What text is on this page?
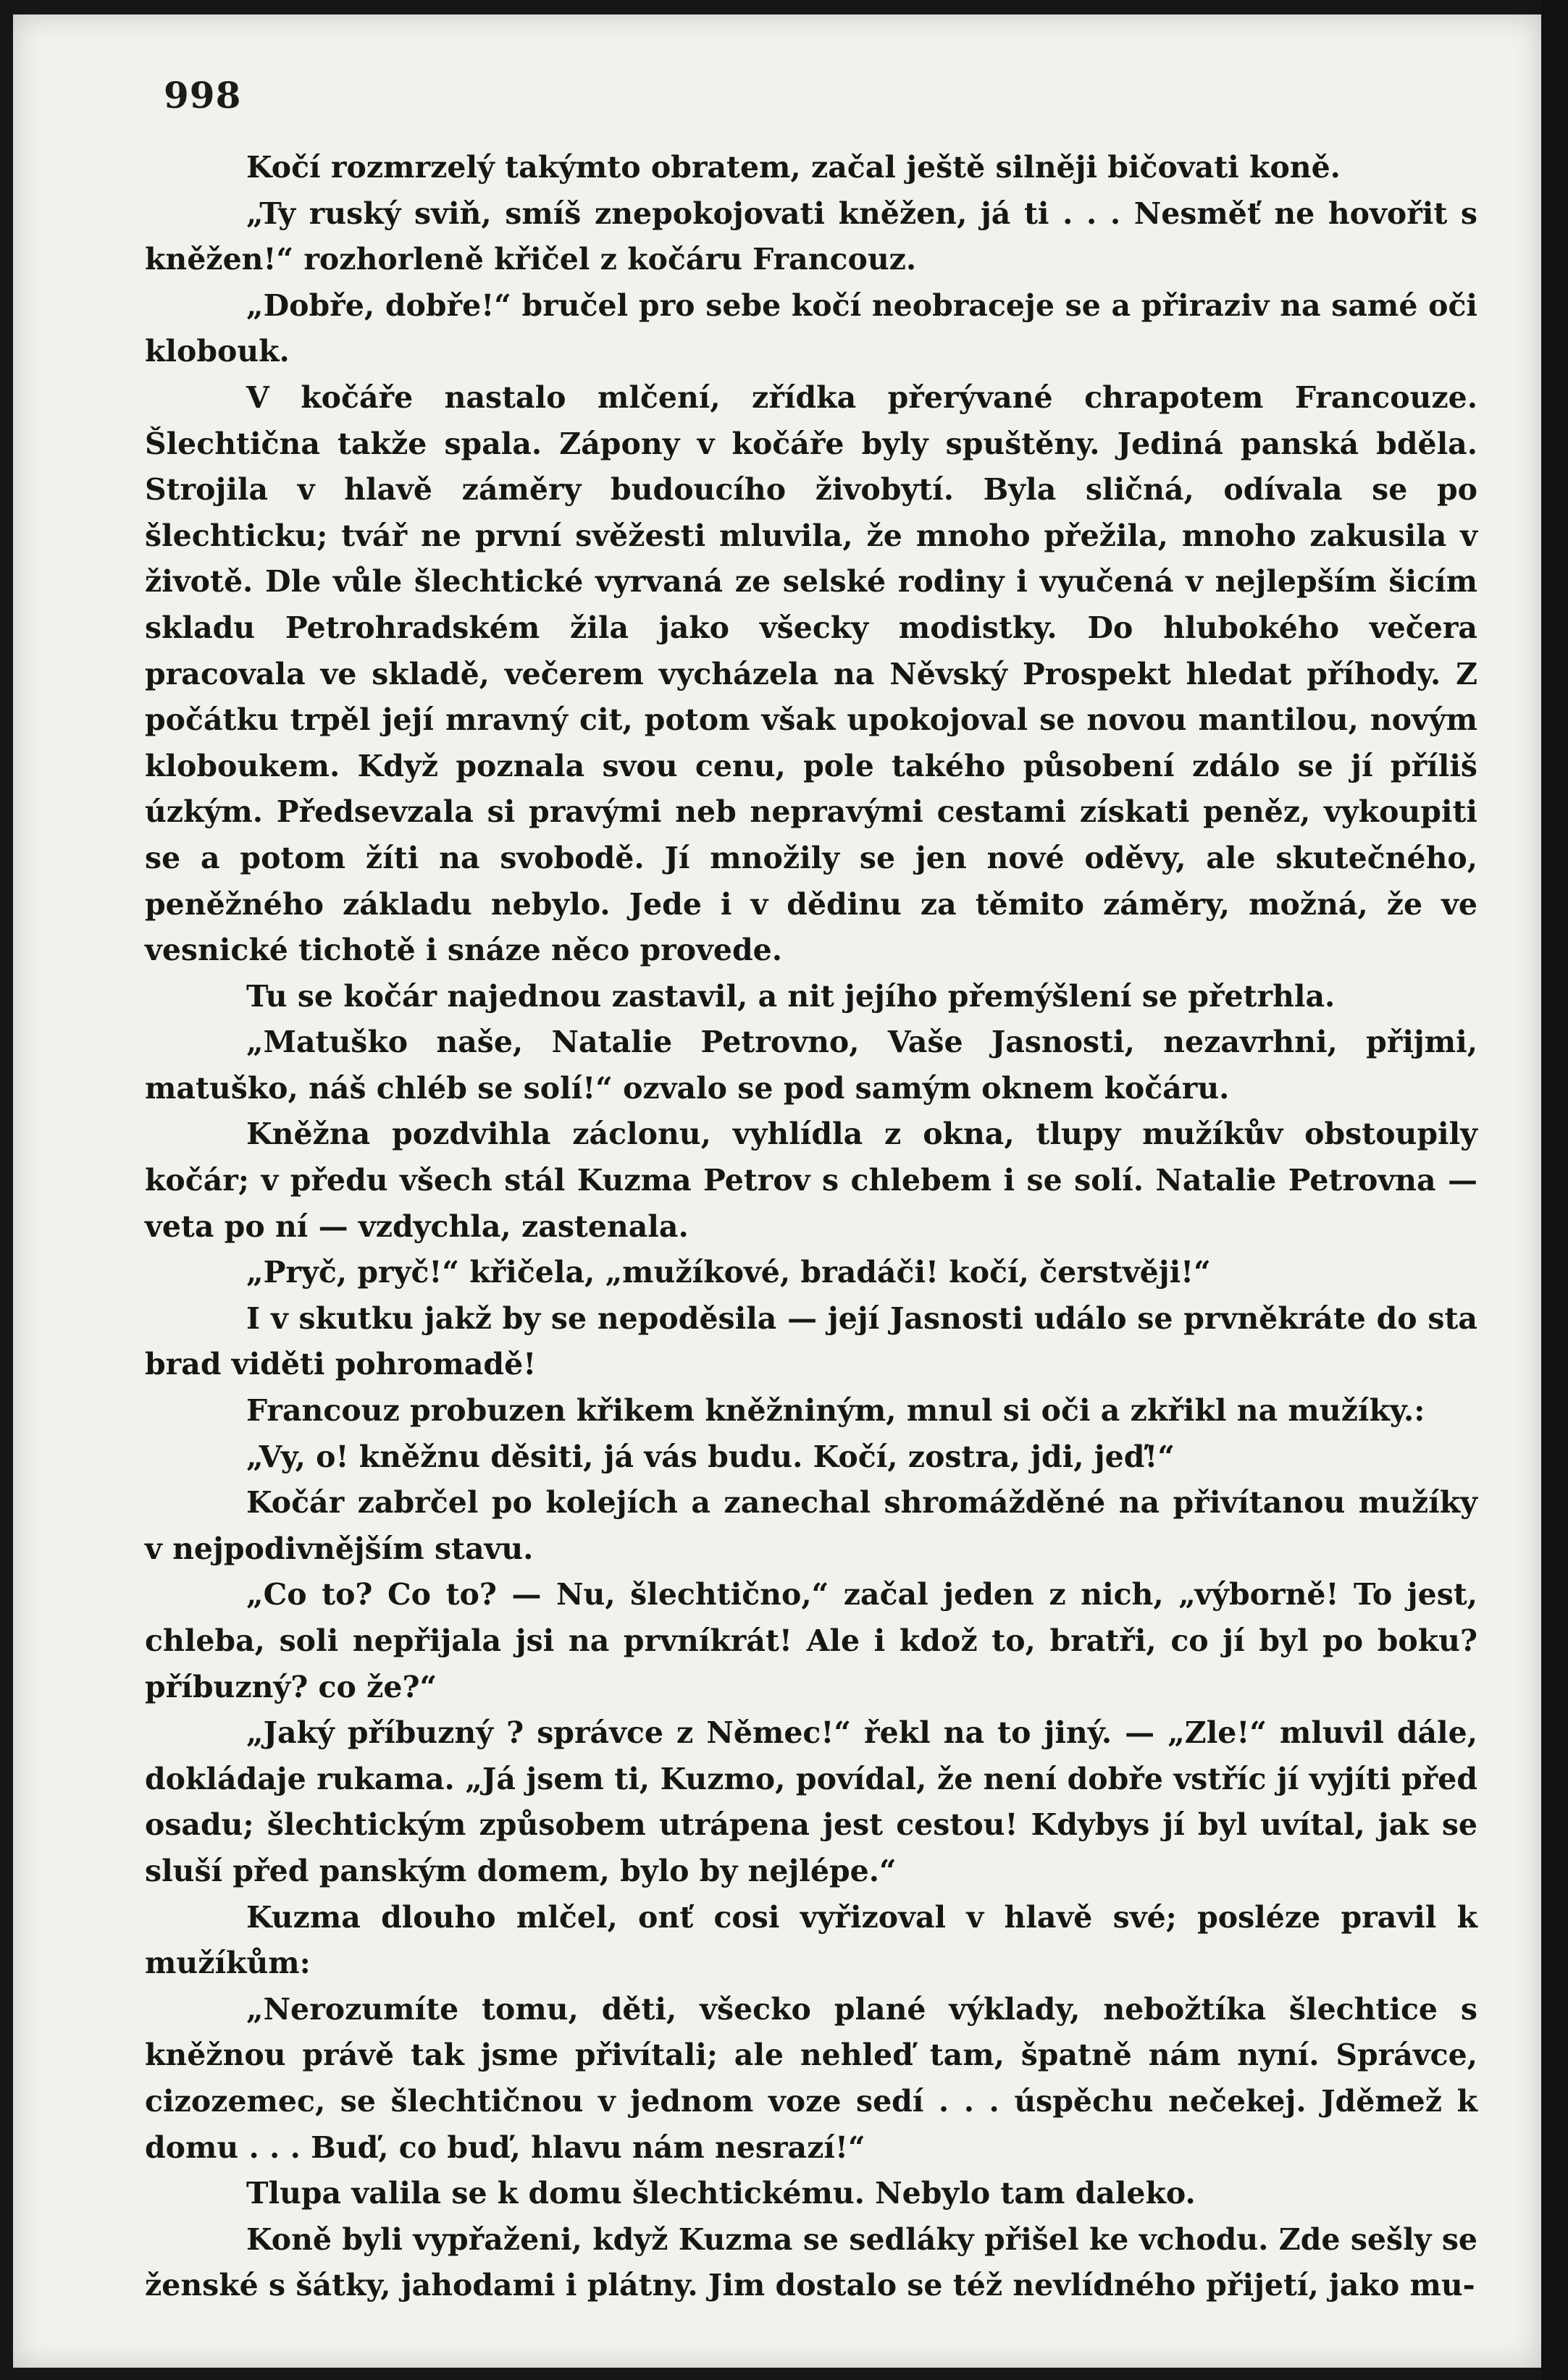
998

Kočí rozmrzelý takýmto obratem, začal ještě silněji bičovati koně.

„Ty ruský sviň, smíš znepokojovati kněžen, já ti . . . Nesměť ne hovořit s kněžen!“ rozhorleně křičel z kočáru Francouz.

„Dobře, dobře!“ bručel pro sebe kočí neobraceje se a přiraziv na samé oči klobouk.

V kočáře nastalo mlčení, zřídka přerývané chrapotem Francouze. Šlechtična takže spala. Zápony v kočáře byly spuštěny. Jediná panská bděla. Strojila v hlavě záměry budoucího živobytí. Byla sličná, odívala se po šlechticku; tvář ne první svěžesti mluvila, že mnoho přežila, mnoho zakusila v životě. Dle vůle šlechtické vyrvaná ze selské rodiny i vyučená v nejlepším šicím skladu Petrohradském žila jako všecky modistky. Do hlubokého večera pracovala ve skladě, večerem vycházela na Něvský Prospekt hledat příhody. Z počátku trpěl její mravný cit, potom však upokojoval se novou mantilou, novým kloboukem. Když poznala svou cenu, pole takého působení zdálo se jí příliš úzkým. Předsevzala si pravými neb nepravými cestami získati peněz, vykoupiti se a potom žíti na svobodě. Jí množily se jen nové oděvy, ale skutečného, peněžného základu nebylo. Jede i v dědinu za těmito záměry, možná, že ve vesnické tichotě i snáze něco provede.

Tu se kočár najednou zastavil, a nit jejího přemýšlení se přetrhla.

„Matuško naše, Natalie Petrovno, Vaše Jasnosti, nezavrhni, přijmi, matuško, náš chléb se solí!“ ozvalo se pod samým oknem kočáru.

Kněžna pozdvihla záclonu, vyhlídla z okna, tlupy mužíkův obstoupily kočár; v předu všech stál Kuzma Petrov s chlebem i se solí. Natalie Petrovna — veta po ní — vzdychla, zastenala.

„Pryč, pryč!“ křičela, „mužíkové, bradáči! kočí, čerstvěji!“

I v skutku jakž by se nepoděsila — její Jasnosti událo se prvněkráte do sta brad viděti pohromadě!

Francouz probuzen křikem kněžniným, mnul si oči a zkřikl na mužíky.:

„Vy, o! kněžnu děsiti, já vás budu. Kočí, zostra, jdi, jeď!“

Kočár zabrčel po kolejích a zanechal shromážděné na přivítanou mužíky v nejpodivnějším stavu.

„Co to? Co to? — Nu, šlechtično,“ začal jeden z nich, „výborně! To jest, chleba, soli nepřijala jsi na prvníkrát! Ale i kdož to, bratři, co jí byl po boku? příbuzný? co že?“

„Jaký příbuzný ? správce z Němec!“ řekl na to jiný. — „Zle!“ mluvil dále, dokládaje rukama. „Já jsem ti, Kuzmo, povídal, že není dobře vstříc jí vyjíti před osadu; šlechtickým způsobem utrápena jest cestou! Kdybys jí byl uvítal, jak se sluší před panským domem, bylo by nejlépe.“

Kuzma dlouho mlčel, onť cosi vyřizoval v hlavě své; posléze pravil k mužíkům:

„Nerozumíte tomu, děti, všecko plané výklady, nebožtíka šlechtice s kněžnou právě tak jsme přivítali; ale nehleď tam, špatně nám nyní. Správce, cizozemec, se šlechtičnou v jednom voze sedí . . . úspěchu nečekej. Jděmež k domu . . . Buď, co buď, hlavu nám nesrazí!“

Tlupa valila se k domu šlechtickému. Nebylo tam daleko.

Koně byli vypřaženi, když Kuzma se sedláky přišel ke vchodu. Zde sešly se ženské s šátky, jahodami i plátny. Jim dostalo se též nevlídného přijetí, jako mu-
